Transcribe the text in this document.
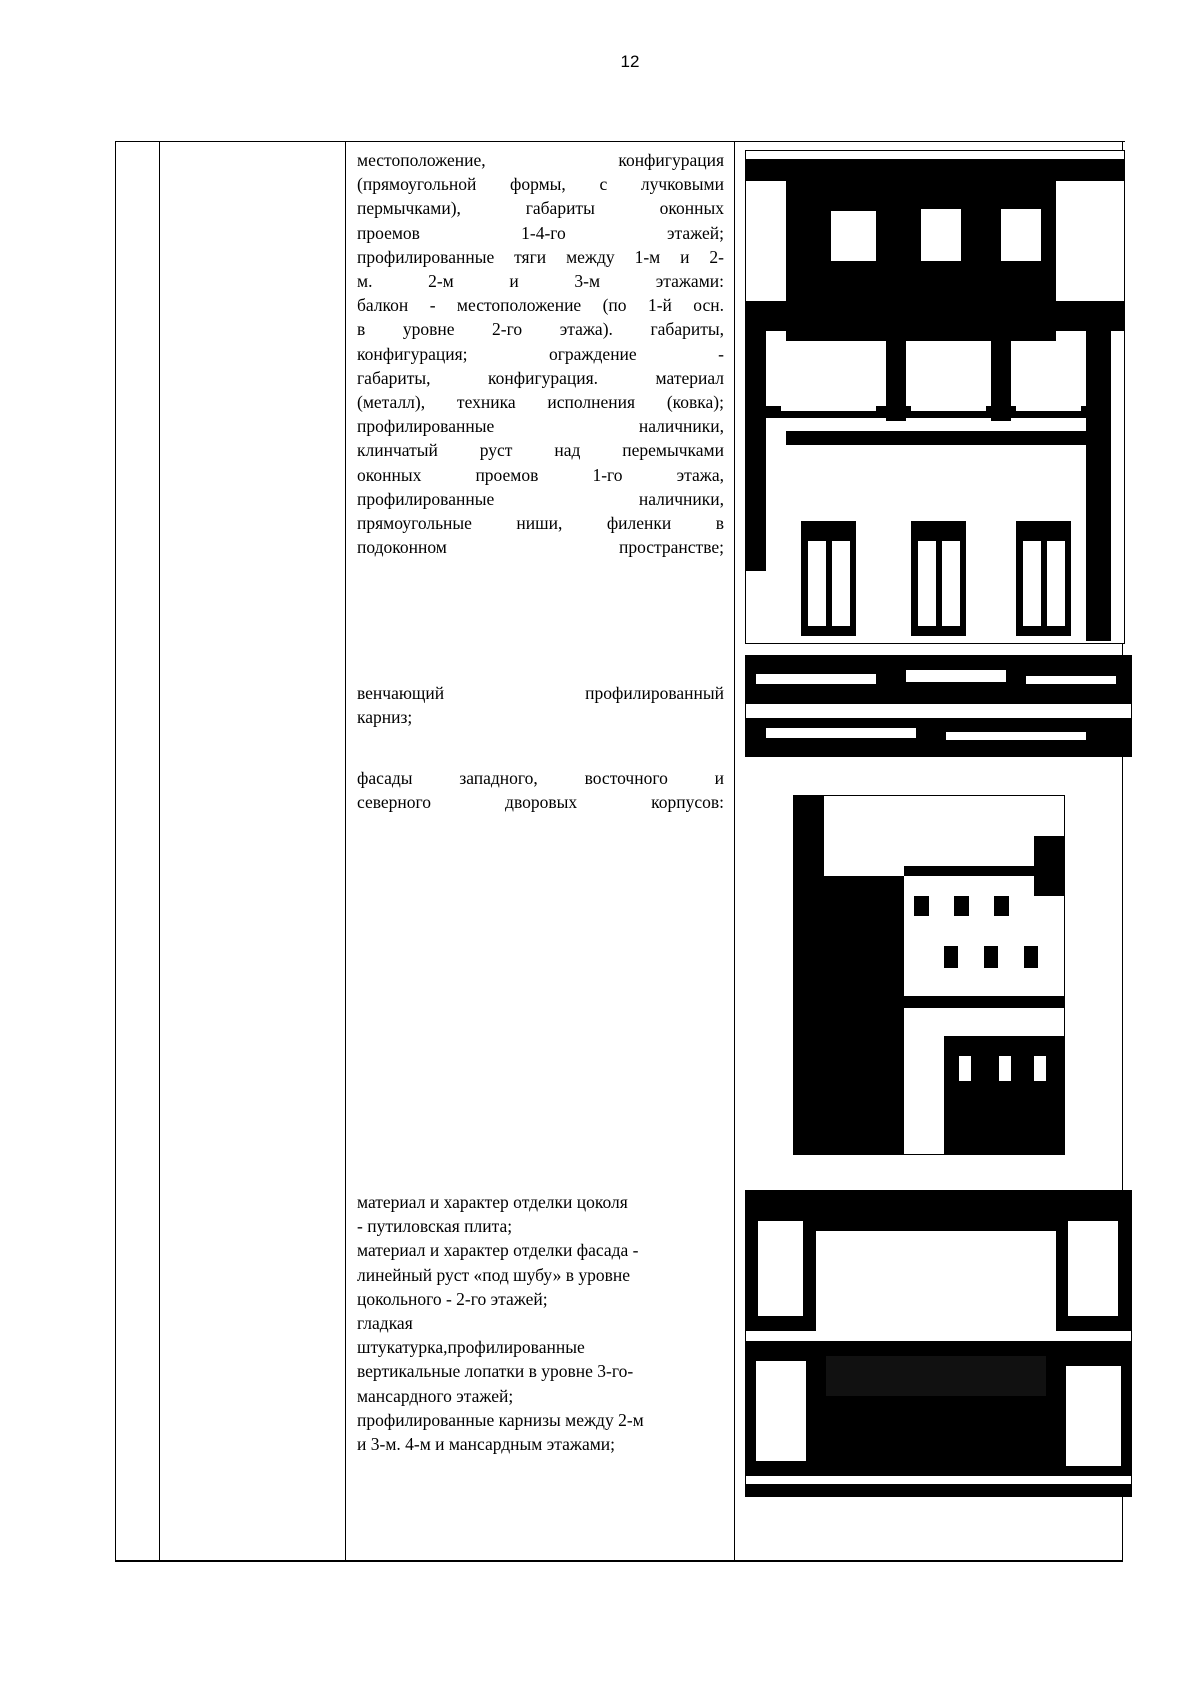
12
местоположение, конфигурация
(прямоугольной формы, с лучковыми
пермычками), габариты оконных
проемов 1-4-го этажей;
профилированные тяги между 1-м и 2-
м. 2-м и 3-м этажами:
балкон - местоположение (по 1-й осн.
в уровне 2-го этажа). габариты,
конфигурация; ограждение -
габариты, конфигурация. материал
(металл), техника исполнения (ковка);
профилированные наличники,
клинчатый руст над перемычками
оконных проемов 1-го этажа,
профилированные наличники,
прямоугольные ниши, филенки в
подоконном пространстве;
венчающий профилированный
карниз;
фасады западного, восточного и
северного дворовых корпусов:
материал и характер отделки цоколя
- путиловская плита;
материал и характер отделки фасада -
линейный руст «под шубу» в уровне
цокольного - 2-го этажей;
гладкая
штукатурка,профилированные
вертикальные лопатки в уровне 3-го-
мансардного этажей;
профилированные карнизы между 2-м
и 3-м. 4-м и мансардным этажами;
